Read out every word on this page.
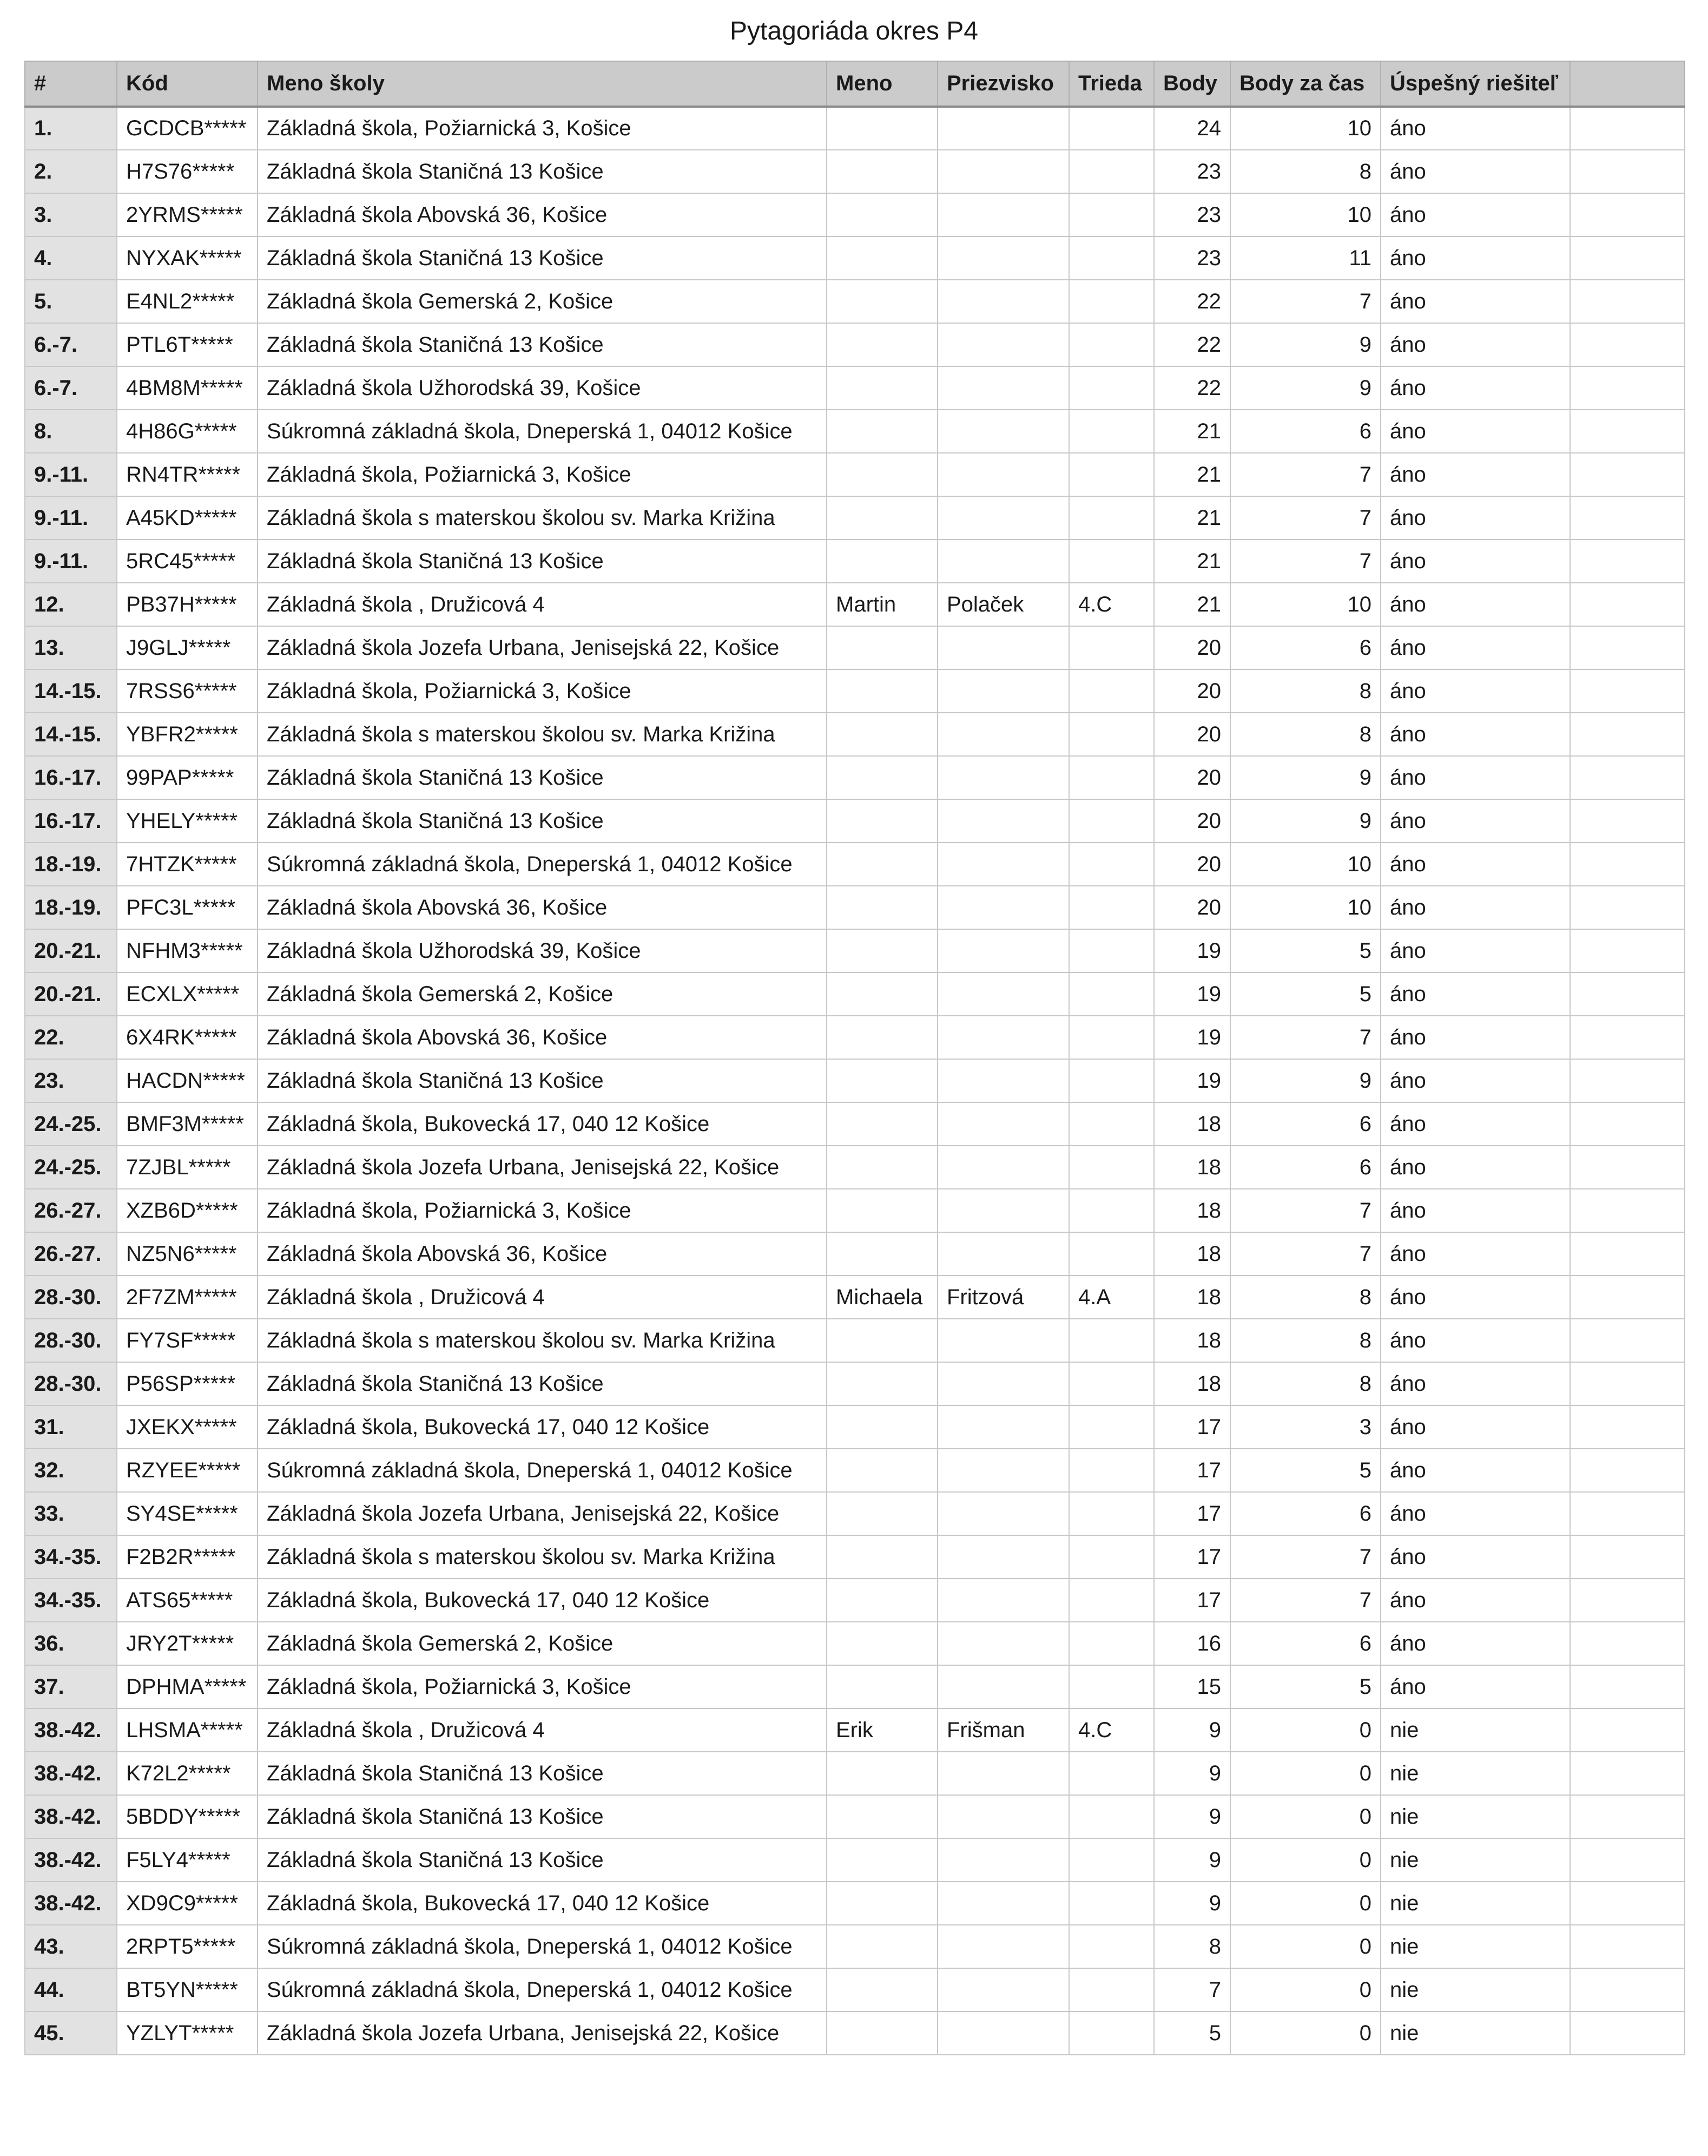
Pytagoriáda okres P4
#	Kód	Meno školy	Meno	Priezvisko	Trieda	Body	Body za čas	Úspešný riešiteľ	
1.	GCDCB*****	Základná škola, Požiarnická 3, Košice				24	10	áno	
2.	H7S76*****	Základná škola Staničná 13 Košice				23	8	áno	
3.	2YRMS*****	Základná škola Abovská 36, Košice				23	10	áno	
4.	NYXAK*****	Základná škola Staničná 13 Košice				23	11	áno	
5.	E4NL2*****	Základná škola Gemerská 2, Košice				22	7	áno	
6.-7.	PTL6T*****	Základná škola Staničná 13 Košice				22	9	áno	
6.-7.	4BM8M*****	Základná škola Užhorodská 39, Košice				22	9	áno	
8.	4H86G*****	Súkromná základná škola, Dneperská 1, 04012 Košice				21	6	áno	
9.-11.	RN4TR*****	Základná škola, Požiarnická 3, Košice				21	7	áno	
9.-11.	A45KD*****	Základná škola s materskou školou sv. Marka Križina				21	7	áno	
9.-11.	5RC45*****	Základná škola Staničná 13 Košice				21	7	áno	
12.	PB37H*****	Základná škola , Družicová 4	Martin	Polaček	4.C	21	10	áno	
13.	J9GLJ*****	Základná škola Jozefa Urbana, Jenisejská 22, Košice				20	6	áno	
14.-15.	7RSS6*****	Základná škola, Požiarnická 3, Košice				20	8	áno	
14.-15.	YBFR2*****	Základná škola s materskou školou sv. Marka Križina				20	8	áno	
16.-17.	99PAP*****	Základná škola Staničná 13 Košice				20	9	áno	
16.-17.	YHELY*****	Základná škola Staničná 13 Košice				20	9	áno	
18.-19.	7HTZK*****	Súkromná základná škola, Dneperská 1, 04012 Košice				20	10	áno	
18.-19.	PFC3L*****	Základná škola Abovská 36, Košice				20	10	áno	
20.-21.	NFHM3*****	Základná škola Užhorodská 39, Košice				19	5	áno	
20.-21.	ECXLX*****	Základná škola Gemerská 2, Košice				19	5	áno	
22.	6X4RK*****	Základná škola Abovská 36, Košice				19	7	áno	
23.	HACDN*****	Základná škola Staničná 13 Košice				19	9	áno	
24.-25.	BMF3M*****	Základná škola, Bukovecká 17, 040 12 Košice				18	6	áno	
24.-25.	7ZJBL*****	Základná škola Jozefa Urbana, Jenisejská 22, Košice				18	6	áno	
26.-27.	XZB6D*****	Základná škola, Požiarnická 3, Košice				18	7	áno	
26.-27.	NZ5N6*****	Základná škola Abovská 36, Košice				18	7	áno	
28.-30.	2F7ZM*****	Základná škola , Družicová 4	Michaela	Fritzová	4.A	18	8	áno	
28.-30.	FY7SF*****	Základná škola s materskou školou sv. Marka Križina				18	8	áno	
28.-30.	P56SP*****	Základná škola Staničná 13 Košice				18	8	áno	
31.	JXEKX*****	Základná škola, Bukovecká 17, 040 12 Košice				17	3	áno	
32.	RZYEE*****	Súkromná základná škola, Dneperská 1, 04012 Košice				17	5	áno	
33.	SY4SE*****	Základná škola Jozefa Urbana, Jenisejská 22, Košice				17	6	áno	
34.-35.	F2B2R*****	Základná škola s materskou školou sv. Marka Križina				17	7	áno	
34.-35.	ATS65*****	Základná škola, Bukovecká 17, 040 12 Košice				17	7	áno	
36.	JRY2T*****	Základná škola Gemerská 2, Košice				16	6	áno	
37.	DPHMA*****	Základná škola, Požiarnická 3, Košice				15	5	áno	
38.-42.	LHSMA*****	Základná škola , Družicová 4	Erik	Frišman	4.C	9	0	nie	
38.-42.	K72L2*****	Základná škola Staničná 13 Košice				9	0	nie	
38.-42.	5BDDY*****	Základná škola Staničná 13 Košice				9	0	nie	
38.-42.	F5LY4*****	Základná škola Staničná 13 Košice				9	0	nie	
38.-42.	XD9C9*****	Základná škola, Bukovecká 17, 040 12 Košice				9	0	nie	
43.	2RPT5*****	Súkromná základná škola, Dneperská 1, 04012 Košice				8	0	nie	
44.	BT5YN*****	Súkromná základná škola, Dneperská 1, 04012 Košice				7	0	nie	
45.	YZLYT*****	Základná škola Jozefa Urbana, Jenisejská 22, Košice				5	0	nie	
